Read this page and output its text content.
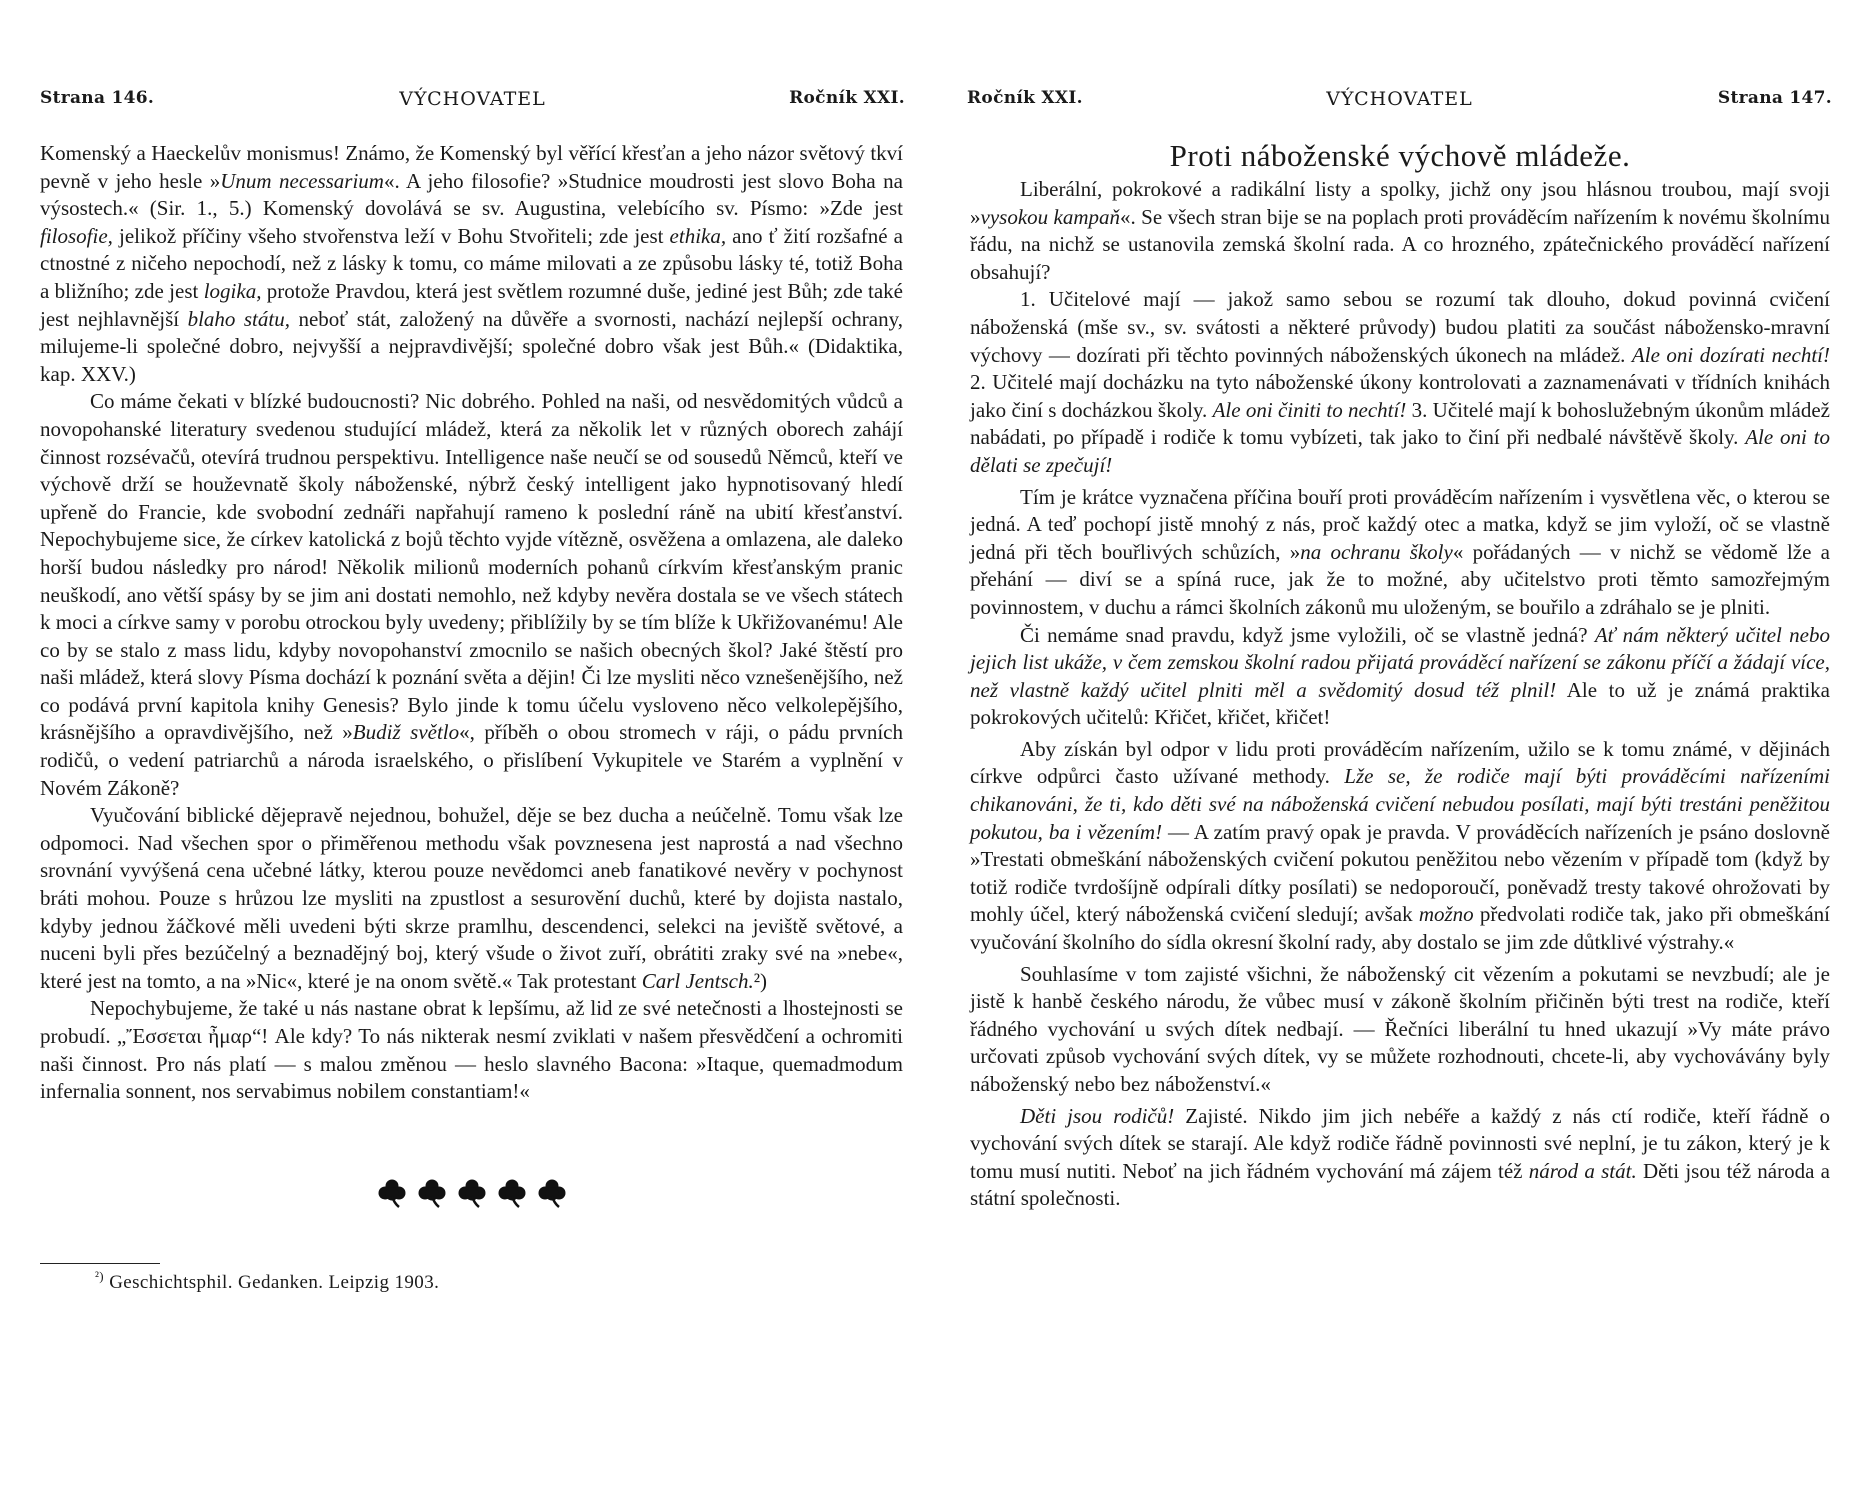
Strana 146.	VÝCHOVATEL	Ročník XXI.

Komenský a Haeckelův monismus! Známo, že Komenský byl věřící křesťan a jeho názor světový tkví pevně v jeho hesle »Unum necessarium«. A jeho filosofie? »Studnice moudrosti jest slovo Boha na výsostech.« (Sir. 1., 5.) Komenský dovolává se sv. Augustina, velebícího sv. Písmo: »Zde jest filosofie, jelikož příčiny všeho stvořenstva leží v Bohu Stvořiteli; zde jest ethika, ano ť žití rozšafné a ctnostné z ničeho nepochodí, než z lásky k tomu, co máme milovati a ze způsobu lásky té, totiž Boha a bližního; zde jest logika, protože Pravdou, která jest světlem rozumné duše, jediné jest Bůh; zde také jest nejhlavnější blaho státu, neboť stát, založený na důvěře a svornosti, nachází nejlepší ochrany, milujeme-li společné dobro, nejvyšší a nejpravdivější; společné dobro však jest Bůh.« (Didaktika, kap. XXV.)

Co máme čekati v blízké budoucnosti? Nic dobrého. Pohled na naši, od nesvědomitých vůdců a novopohanské literatury svedenou studující mládež, která za několik let v různých oborech zahájí činnost rozsévačů, otevírá trudnou perspektivu. Intelligence naše neučí se od sousedů Němců, kteří ve výchově drží se houževnatě školy náboženské, nýbrž český intelligent jako hypnotisovaný hledí upřeně do Francie, kde svobodní zednáři napřahují rameno k poslední ráně na ubití křesťanství. Nepochybujeme sice, že církev katolická z bojů těchto vyjde vítězně, osvěžena a omlazena, ale daleko horší budou následky pro národ! Několik milionů moderních pohanů církvím křesťanským pranic neuškodí, ano větší spásy by se jim ani dostati nemohlo, než kdyby nevěra dostala se ve všech státech k moci a církve samy v porobu otrockou byly uvedeny; přiblížily by se tím blíže k Ukřižovanému! Ale co by se stalo z mass lidu, kdyby novopohanství zmocnilo se našich obecných škol? Jaké štěstí pro naši mládež, která slovy Písma dochází k poznání světa a dějin! Či lze mysliti něco vznešenějšího, než co podává první kapitola knihy Genesis? Bylo jinde k tomu účelu vysloveno něco velkolepějšího, krásnějšího a opravdivějšího, než »Budiž světlo«, příběh o obou stromech v ráji, o pádu prvních rodičů, o vedení patriarchů a národa israelského, o přislíbení Vykupitele ve Starém a vyplnění v Novém Zákoně?

Vyučování biblické dějepravě nejednou, bohužel, děje se bez ducha a neúčelně. Tomu však lze odpomoci. Nad všechen spor o přiměřenou methodu však povznesena jest naprostá a nad všechno srovnání vyvýšená cena učebné látky, kterou pouze nevědomci aneb fanatikové nevěry v pochynost bráti mohou. Pouze s hrůzou lze mysliti na zpustlost a sesurovění duchů, které by dojista nastalo, kdyby jednou žáčkové měli uvedeni býti skrze pramlhu, descendenci, selekci na jeviště světové, a nuceni byli přes bezúčelný a beznadějný boj, který všude o život zuří, obrátiti zraky své na »nebe«, které jest na tomto, a na »Nic«, které je na onom světě.« Tak protestant Carl Jentsch.²)

Nepochybujeme, že také u nás nastane obrat k lepšímu, až lid ze své netečnosti a lhostejnosti se probudí. „Ἔσσεται ἦμαρ“! Ale kdy? To nás nikterak nesmí zviklati v našem přesvědčení a ochromiti naši činnost. Pro nás platí — s malou změnou — heslo slavného Bacona: »Itaque, quemadmodum infernalia sonnent, nos servabimus nobilem constantiam!«

$^{^2)}$ Geschichtsphil. Gedanken. Leipzig 1903.
Ročník XXI.	VÝCHOVATEL	Strana 147.
Proti náboženské výchově mládeže.

Liberální, pokrokové a radikální listy a spolky, jichž ony jsou hlásnou troubou, mají svoji »vysokou kampaň«. Se všech stran bije se na poplach proti prováděcím nařízením k novému školnímu řádu, na nichž se ustanovila zemská školní rada. A co hrozného, zpátečnického prováděcí nařízení obsahují?

1. Učitelové mají — jakož samo sebou se rozumí tak dlouho, dokud povinná cvičení náboženská (mše sv., sv. svátosti a některé průvody) budou platiti za součást nábožensko-mravní výchovy — dozírati při těchto povinných náboženských úkonech na mládež. Ale oni dozírati nechtí! 2. Učitelé mají docházku na tyto náboženské úkony kontrolovati a zaznamenávati v třídních knihách jako činí s docházkou školy. Ale oni činiti to nechtí! 3. Učitelé mají k bohoslužebným úkonům mládež nabádati, po případě i rodiče k tomu vybízeti, tak jako to činí při nedbalé návštěvě školy. Ale oni to dělati se zpečují!

Tím je krátce vyznačena příčina bouří proti prováděcím nařízením i vysvětlena věc, o kterou se jedná. A teď pochopí jistě mnohý z nás, proč každý otec a matka, když se jim vyloží, oč se vlastně jedná při těch bouřlivých schůzích, »na ochranu školy« pořádaných — v nichž se vědomě lže a přehání — diví se a spíná ruce, jak že to možné, aby učitelstvo proti těmto samozřejmým povinnostem, v duchu a rámci školních zákonů mu uloženým, se bouřilo a zdráhalo se je plniti.

Či nemáme snad pravdu, když jsme vyložili, oč se vlastně jedná? Ať nám některý učitel nebo jejich list ukáže, v čem zemskou školní radou přijatá prováděcí nařízení se zákonu příčí a žádají více, než vlastně každý učitel plniti měl a svědomitý dosud též plnil! Ale to už je známá praktika pokrokových učitelů: Křičet, křičet, křičet!

Aby získán byl odpor v lidu proti prováděcím nařízením, užilo se k tomu známé, v dějinách církve odpůrci často užívané methody. Lže se, že rodiče mají býti prováděcími nařízeními chikanováni, že ti, kdo děti své na náboženská cvičení nebudou posílati, mají býti trestáni peněžitou pokutou, ba i vězením! — A zatím pravý opak je pravda. V prováděcích nařízeních je psáno doslovně »Trestati obmeškání náboženských cvičení pokutou peněžitou nebo vězením v případě tom (když by totiž rodiče tvrdošíjně odpírali dítky posílati) se nedoporoučí, poněvadž tresty takové ohrožovati by mohly účel, který náboženská cvičení sledují; avšak možno předvolati rodiče tak, jako při obmeškání vyučování školního do sídla okresní školní rady, aby dostalo se jim zde důtklivé výstrahy.«

Souhlasíme v tom zajisté všichni, že náboženský cit vězením a pokutami se nevzbudí; ale je jistě k hanbě českého národu, že vůbec musí v zákoně školním přičiněn býti trest na rodiče, kteří řádného vychování u svých dítek nedbají. — Řečníci liberální tu hned ukazují »Vy máte právo určovati způsob vychování svých dítek, vy se můžete rozhodnouti, chcete-li, aby vychovávány byly náboženský nebo bez náboženství.«

Děti jsou rodičů! Zajisté. Nikdo jim jich nebéře a každý z nás ctí rodiče, kteří řádně o vychování svých dítek se starají. Ale když rodiče řádně povinnosti své neplní, je tu zákon, který je k tomu musí nutiti. Neboť na jich řádném vychování má zájem též národ a stát. Děti jsou též národa a státní společnosti.
